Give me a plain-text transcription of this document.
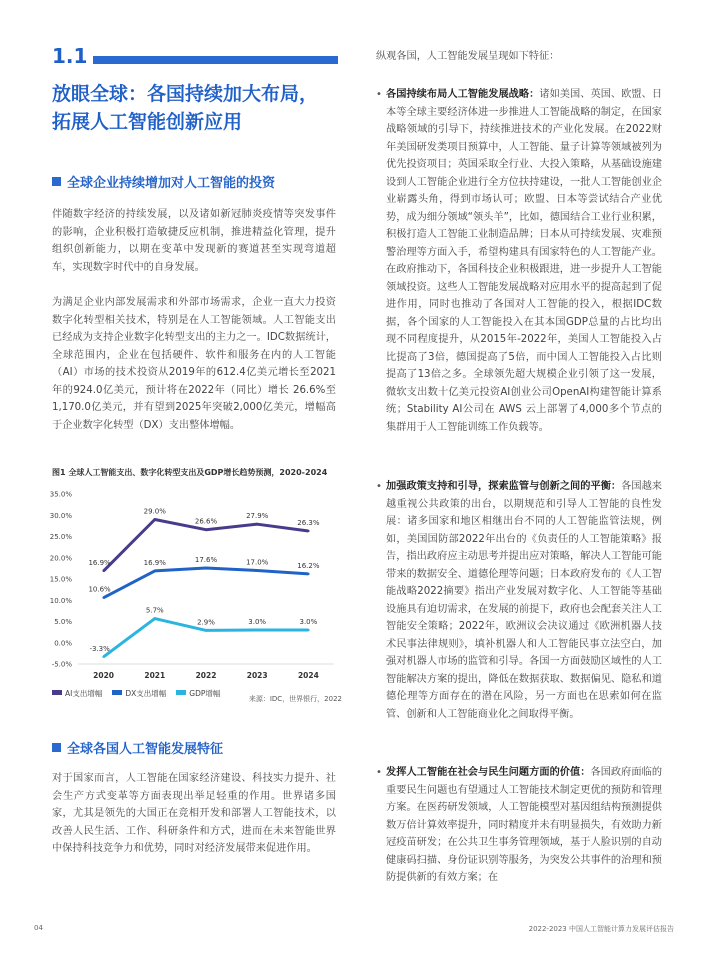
1.1
放眼全球：各国持续加大布局，
拓展人工智能创新应用
全球企业持续增加对人工智能的投资
伴随数字经济的持续发展，以及诸如新冠肺炎疫情等突发事件的影响，企业积极打造敏捷反应机制，推进精益化管理，提升组织创新能力，以期在变革中发现新的赛道甚至实现弯道超车，实现数字时代中的自身发展。
为满足企业内部发展需求和外部市场需求，企业一直大力投资数字化转型相关技术，特别是在人工智能领域。人工智能支出已经成为支持企业数字化转型支出的主力之一。IDC数据统计，全球范围内，企业在包括硬件、软件和服务在内的人工智能（AI）市场的技术投资从2019年的612.4亿美元增长至2021年的924.0亿美元，预计将在2022年（同比）增长 26.6%至1,170.0亿美元，并有望到2025年突破2,000亿美元，增幅高于企业数字化转型（DX）支出整体增幅。
图1 全球人工智能支出、数字化转型支出及GDP增长趋势预测，2020-2024
35.0%
30.0%
25.0%
20.0%
15.0%
10.0%
5.0%
0.0%
-5.0%
2020	2021	2022	2023	2024
16.9%
29.0%
26.6%
27.9%
26.3%
10.6%
16.9%	17.6%	17.0%	16.2%
-3.3%
5.7%
2.9%	3.0%	3.0%
AI支出增幅	DX支出增幅	GDP增幅
来源：IDC，世界银行，2022
全球各国人工智能发展特征
对于国家而言，人工智能在国家经济建设、科技实力提升、社会生产方式变革等方面表现出举足轻重的作用。世界诸多国家，尤其是领先的大国正在竞相开发和部署人工智能技术，以改善人民生活、工作、科研条件和方式，进而在未来智能世界中保持科技竞争力和优势，同时对经济发展带来促进作用。
纵观各国，人工智能发展呈现如下特征：
• 各国持续布局人工智能发展战略：诸如美国、英国、欧盟、日本等全球主要经济体进一步推进人工智能战略的制定，在国家战略领域的引导下，持续推进技术的产业化发展。在2022财年美国研发类项目预算中，人工智能、量子计算等领域被列为优先投资项目；英国采取全行业、大投入策略，从基础设施建设到人工智能企业进行全方位扶持建设，一批人工智能创业企业崭露头角，得到市场认可；欧盟、日本等尝试结合产业优势，成为细分领域“领头羊”，比如，德国结合工业行业积累，积极打造人工智能工业制造品牌；日本从可持续发展、灾难预警治理等方面入手，希望构建具有国家特色的人工智能产业。在政府推动下，各国科技企业积极跟进，进一步提升人工智能领域投资。这些人工智能发展战略对应用水平的提高起到了促进作用，同时也推动了各国对人工智能的投入，根据IDC数据，各个国家的人工智能投入在其本国GDP总量的占比均出现不同程度提升，从2015年-2022年，美国人工智能投入占比提高了3倍，德国提高了5倍，而中国人工智能投入占比则提高了13倍之多。全球领先超大规模企业引领了这一发展，微软支出数十亿美元投资AI创业公司OpenAI构建智能计算系统；Stability AI公司在 AWS 云上部署了4,000多个节点的集群用于人工智能训练工作负载等。
• 加强政策支持和引导，探索监管与创新之间的平衡：各国越来越重视公共政策的出台，以期规范和引导人工智能的良性发展：诸多国家和地区相继出台不同的人工智能监管法规，例如，美国国防部2022年出台的《负责任的人工智能策略》报告，指出政府应主动思考并提出应对策略，解决人工智能可能带来的数据安全、道德伦理等问题；日本政府发布的《人工智能战略2022摘要》指出产业发展对数字化、人工智能等基础设施具有迫切需求，在发展的前提下，政府也会配套关注人工智能安全策略；2022年，欧洲议会决议通过《欧洲机器人技术民事法律规则》，填补机器人和人工智能民事立法空白，加强对机器人市场的监管和引导。各国一方面鼓励区域性的人工智能解决方案的提出，降低在数据获取、数据偏见、隐私和道德伦理等方面存在的潜在风险，另一方面也在思索如何在监管、创新和人工智能商业化之间取得平衡。
• 发挥人工智能在社会与民生问题方面的价值：各国政府面临的重要民生问题也有望通过人工智能技术制定更优的预防和管理方案。在医药研发领域，人工智能模型对基因组结构预测提供数万倍计算效率提升，同时精度并未有明显损失，有效助力新冠疫苗研发；在公共卫生事务管理领域，基于人脸识别的自动健康码扫描、身份证识别等服务，为突发公共事件的治理和预防提供新的有效方案；在
04	2022-2023 中国人工智能计算力发展评估报告
